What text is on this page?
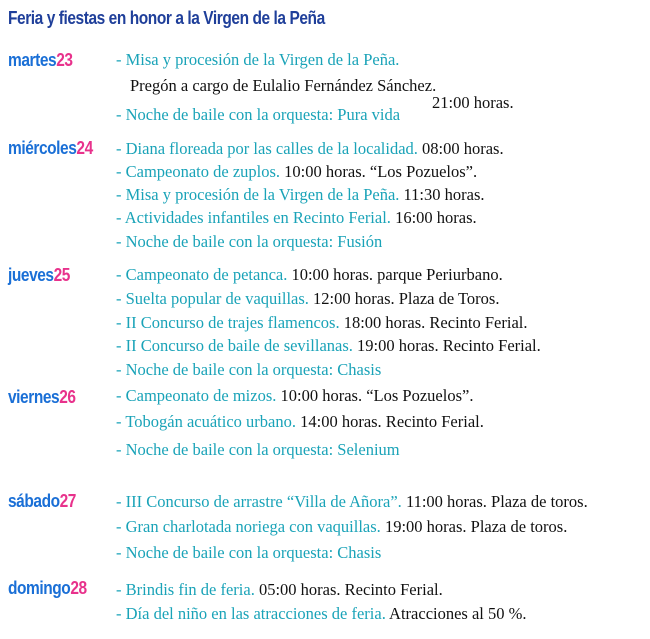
Feria y fiestas en honor a la Virgen de la Peña
martes23
miércoles24
jueves25
viernes26
sábado27
domingo28
- Misa y procesión de la Virgen de la Peña.
Pregón a cargo de Eulalio Fernández Sánchez.
- Noche de baile con la orquesta: Pura vida
21:00 horas.
- Diana floreada por las calles de la localidad. 08:00 horas.
- Campeonato de zuplos. 10:00 horas. “Los Pozuelos”.
- Misa y procesión de la Virgen de la Peña. 11:30 horas.
- Actividades infantiles en Recinto Ferial. 16:00 horas.
- Noche de baile con la orquesta: Fusión
- Campeonato de petanca. 10:00 horas. parque Periurbano.
- Suelta popular de vaquillas. 12:00 horas. Plaza de Toros.
- II Concurso de trajes flamencos. 18:00 horas. Recinto Ferial.
- II Concurso de baile de sevillanas. 19:00 horas. Recinto Ferial.
- Noche de baile con la orquesta: Chasis
- Campeonato de mizos. 10:00 horas. “Los Pozuelos”.
- Tobogán acuático urbano. 14:00 horas. Recinto Ferial.
- Noche de baile con la orquesta: Selenium
- III Concurso de arrastre “Villa de Añora”. 11:00 horas. Plaza de toros.
- Gran charlotada noriega con vaquillas. 19:00 horas. Plaza de toros.
- Noche de baile con la orquesta: Chasis
- Brindis fin de feria. 05:00 horas. Recinto Ferial.
- Día del niño en las atracciones de feria. Atracciones al 50 %.
